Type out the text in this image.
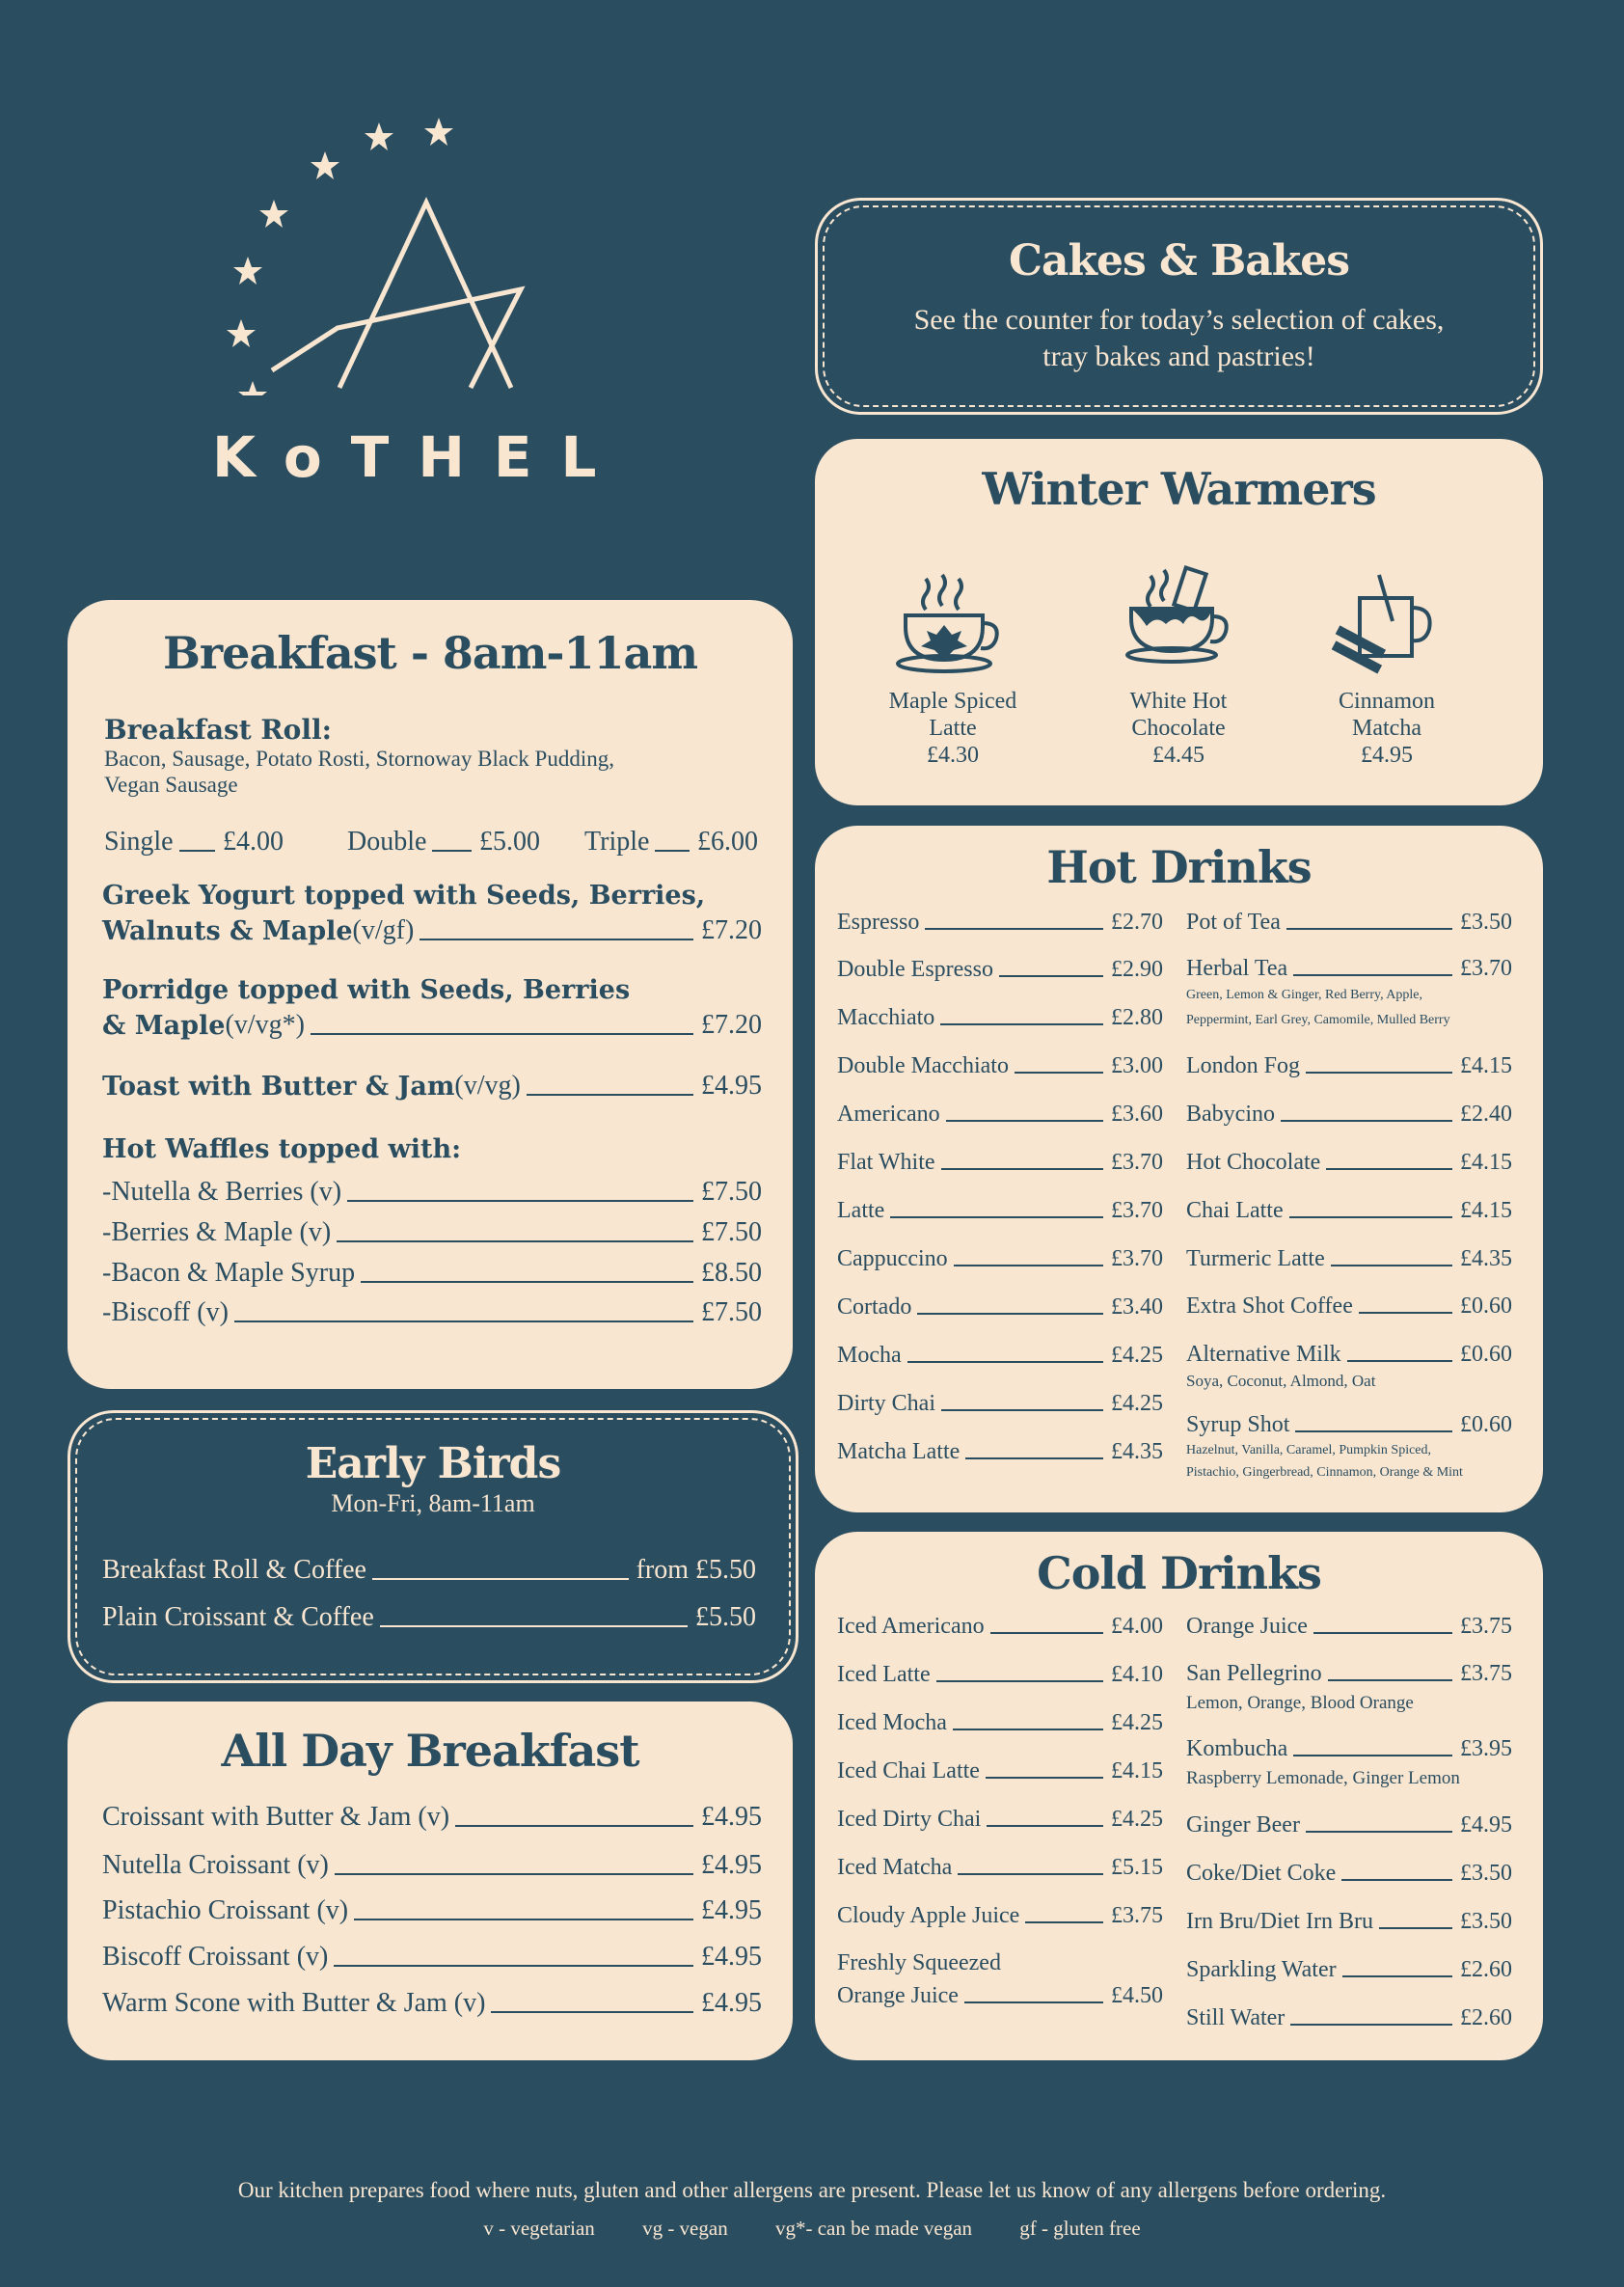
KoTHEL
Cakes & Bakes
See the counter for today’s selection of cakes,
tray bakes and pastries!
Winter Warmers
Maple Spiced
Latte
£4.30
White Hot
Chocolate
£4.45
Cinnamon
Matcha
£4.95
Breakfast - 8am-11am
Breakfast Roll:
Bacon, Sausage, Potato Rosti, Stornoway Black Pudding,
Vegan Sausage
Single £4.00 Double £5.00 Triple £6.00
Greek Yogurt topped with Seeds, Berries,
Walnuts & Maple (v/gf)	£7.20
Porridge topped with Seeds, Berries
& Maple (v/vg*)	£7.20
Toast with Butter & Jam (v/vg)	£4.95
Hot Waffles topped with:
-Nutella & Berries (v)	£7.50
-Berries & Maple (v)	£7.50
-Bacon & Maple Syrup	£8.50
-Biscoff (v)	£7.50
Early Birds
Mon-Fri, 8am-11am
Breakfast Roll & Coffee	from £5.50
Plain Croissant & Coffee	£5.50
All Day Breakfast
Croissant with Butter & Jam (v)	£4.95
Nutella Croissant (v)	£4.95
Pistachio Croissant (v)	£4.95
Biscoff Croissant (v)	£4.95
Warm Scone with Butter & Jam (v)	£4.95
Hot Drinks
Espresso	£2.70
Double Espresso	£2.90
Macchiato	£2.80
Double Macchiato	£3.00
Americano	£3.60
Flat White	£3.70
Latte	£3.70
Cappuccino	£3.70
Cortado	£3.40
Mocha	£4.25
Dirty Chai	£4.25
Matcha Latte	£4.35
Pot of Tea	£3.50
Herbal Tea	£3.70
Green, Lemon & Ginger, Red Berry, Apple,
Peppermint, Earl Grey, Camomile, Mulled Berry
London Fog	£4.15
Babycino	£2.40
Hot Chocolate	£4.15
Chai Latte	£4.15
Turmeric Latte	£4.35
Extra Shot Coffee	£0.60
Alternative Milk	£0.60
Soya, Coconut, Almond, Oat
Syrup Shot	£0.60
Hazelnut, Vanilla, Caramel, Pumpkin Spiced,
Pistachio, Gingerbread, Cinnamon, Orange & Mint
Cold Drinks
Iced Americano	£4.00
Iced Latte	£4.10
Iced Mocha	£4.25
Iced Chai Latte	£4.15
Iced Dirty Chai	£4.25
Iced Matcha	£5.15
Cloudy Apple Juice	£3.75
Freshly Squeezed
Orange Juice	£4.50
Orange Juice	£3.75
San Pellegrino	£3.75
Lemon, Orange, Blood Orange
Kombucha	£3.95
Raspberry Lemonade, Ginger Lemon
Ginger Beer	£4.95
Coke/Diet Coke	£3.50
Irn Bru/Diet Irn Bru	£3.50
Sparkling Water	£2.60
Still Water	£2.60
Our kitchen prepares food where nuts, gluten and other allergens are present. Please let us know of any allergens before ordering.
v - vegetarian vg - vegan vg*- can be made vegan gf - gluten free
